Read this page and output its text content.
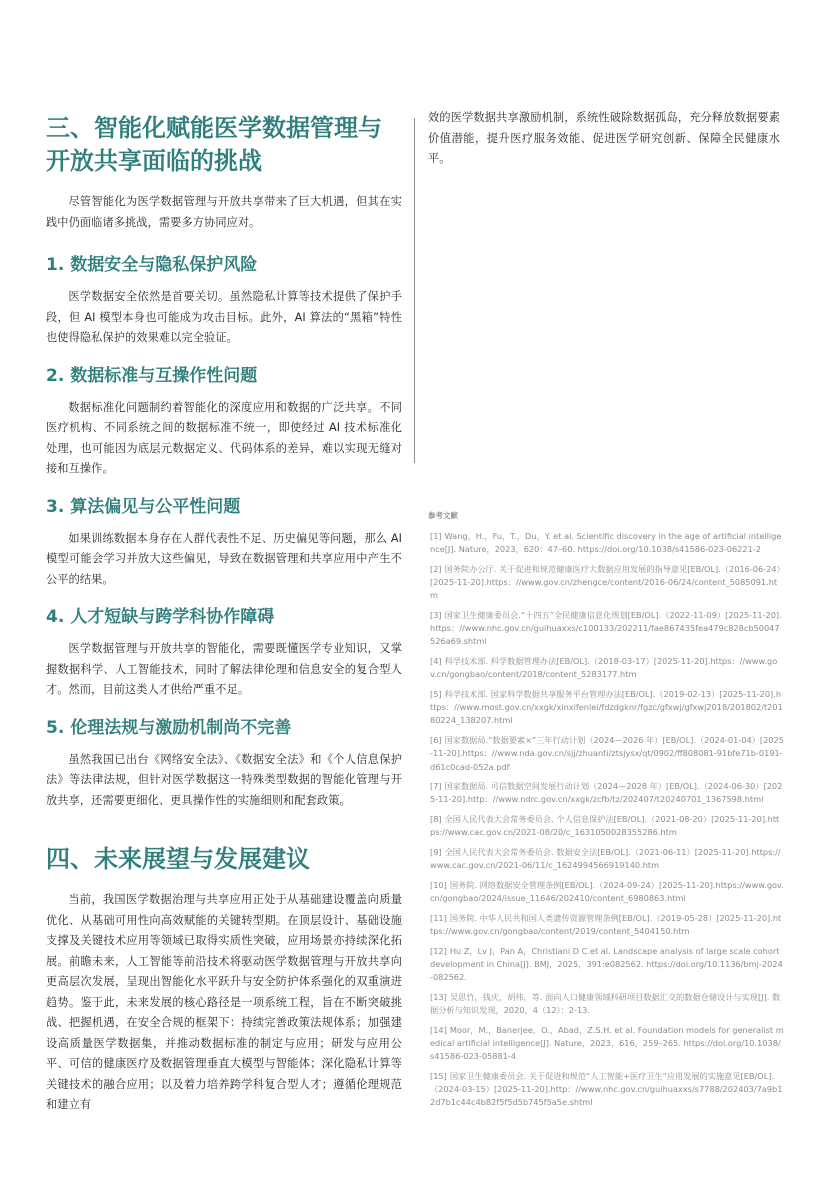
三、智能化赋能医学数据管理与开放共享面临的挑战

尽管智能化为医学数据管理与开放共享带来了巨大机遇，但其在实践中仍面临诸多挑战，需要多方协同应对。

1. 数据安全与隐私保护风险

医学数据安全依然是首要关切。虽然隐私计算等技术提供了保护手段，但 AI 模型本身也可能成为攻击目标。此外，AI 算法的“黑箱”特性也使得隐私保护的效果难以完全验证。

2. 数据标准与互操作性问题

数据标准化问题制约着智能化的深度应用和数据的广泛共享。不同医疗机构、不同系统之间的数据标准不统一，即使经过 AI 技术标准化处理，也可能因为底层元数据定义、代码体系的差异，难以实现无缝对接和互操作。

3. 算法偏见与公平性问题

如果训练数据本身存在人群代表性不足、历史偏见等问题，那么 AI 模型可能会学习并放大这些偏见，导致在数据管理和共享应用中产生不公平的结果。

4. 人才短缺与跨学科协作障碍

医学数据管理与开放共享的智能化，需要既懂医学专业知识，又掌握数据科学、人工智能技术，同时了解法律伦理和信息安全的复合型人才。然而，目前这类人才供给严重不足。

5. 伦理法规与激励机制尚不完善

虽然我国已出台《网络安全法》、《数据安全法》和《个人信息保护法》等法律法规，但针对医学数据这一特殊类型数据的智能化管理与开放共享，还需要更细化、更具操作性的实施细则和配套政策。

四、未来展望与发展建议

当前，我国医学数据治理与共享应用正处于从基础建设覆盖向质量优化、从基础可用性向高效赋能的关键转型期。在顶层设计、基础设施支撑及关键技术应用等领域已取得实质性突破，应用场景亦持续深化拓展。前瞻未来，人工智能等前沿技术将驱动医学数据管理与开放共享向更高层次发展，呈现出智能化水平跃升与安全防护体系强化的双重演进趋势。鉴于此，未来发展的核心路径是一项系统工程，旨在不断突破挑战、把握机遇，在安全合规的框架下：持续完善政策法规体系；加强建设高质量医学数据集，并推动数据标准的制定与应用；研发与应用公平、可信的健康医疗及数据管理垂直大模型与智能体；深化隐私计算等关键技术的融合应用；以及着力培养跨学科复合型人才；遵循伦理规范和建立有

效的医学数据共享激励机制，系统性破除数据孤岛，充分释放数据要素价值潜能，提升医疗服务效能、促进医学研究创新、保障全民健康水平。

参考文献

[1] Wang，H.，Fu，T.，Du，Y. et al. Scientific discovery in the age of artificial intelligence[J]. Nature，2023，620：47–60. https://doi.org/10.1038/s41586-023-06221-2

[2] 国务院办公厅. 关于促进和规范健康医疗大数据应用发展的指导意见[EB/OL].（2016-06-24）[2025-11-20].https：//www.gov.cn/zhengce/content/2016-06/24/content_5085091.htm

[3] 国家卫生健康委员会.“十四五”全民健康信息化规划[EB/OL].（2022-11-09）[2025-11-20].https：//www.nhc.gov.cn/guihuaxxs/c100133/202211/fae867435fea479c828cb50047526a69.shtml

[4] 科学技术部. 科学数据管理办法[EB/OL].（2018-03-17）[2025-11-20].https：//www.gov.cn/gongbao/content/2018/content_5283177.htm

[5] 科学技术部. 国家科学数据共享服务平台管理办法[EB/OL].（2019-02-13）[2025-11-20].https：//www.most.gov.cn/xxgk/xinxifenlei/fdzdgknr/fgzc/gfxwj/gfxwj2018/201802/t20180224_138207.html

[6] 国家数据局.“数据要素×”三年行动计划（2024—2026 年）[EB/OL].（2024-01-04）[2025-11-20].https：//www.nda.gov.cn/sjj/zhuanti/ztsjysx/qt/0902/ff808081-91bfe71b-0191-d61c0cad-052a.pdf

[7] 国家数据局. 可信数据空间发展行动计划（2024—2028 年）[EB/OL].（2024-06-30）[2025-11-20].http：//www.ndrc.gov.cn/xxgk/zcfb/tz/202407/t20240701_1367598.html

[8] 全国人民代表大会常务委员会. 个人信息保护法[EB/OL].（2021-08-20）[2025-11-20].https://www.cac.gov.cn/2021-08/20/c_1631050028355286.htm

[9] 全国人民代表大会常务委员会. 数据安全法[EB/OL].（2021-06-11）[2025-11-20].https://www.cac.gov.cn/2021-06/11/c_1624994566919140.htm

[10] 国务院. 网络数据安全管理条例[EB/OL].（2024-09-24）[2025-11-20].https://www.gov.cn/gongbao/2024/issue_11646/202410/content_6980863.html

[11] 国务院. 中华人民共和国人类遗传资源管理条例[EB/OL].（2019-05-28）[2025-11-20].https://www.gov.cn/gongbao/content/2019/content_5404150.htm

[12] Hu Z，Lv J，Pan A，Christiani D C.et al. Landscape analysis of large scale cohort development in China[J]. BMJ，2025，391:e082562. https://doi.org/10.1136/bmj-2024-082562.

[13] 吴思竹，钱庆，胡伟，等. 面向人口健康领域科研项目数据汇交的数据仓储设计与实现[J]. 数据分析与知识发现，2020，4（12）：2-13.

[14] Moor，M.，Banerjee，O.，Abad，Z.S.H. et al. Foundation models for generalist medical artificial intelligence[J]. Nature，2023，616，259–265. https://doi.org/10.1038/s41586-023-05881-4

[15] 国家卫生健康委员会. 关于促进和规范“人工智能+医疗卫生”应用发展的实施意见[EB/OL].（2024-03-15）[2025-11-20].http：//www.nhc.gov.cn/guihuaxxs/s7788/202403/7a9b12d7b1c44c4b82f5f5d5b745f5a5e.shtml
